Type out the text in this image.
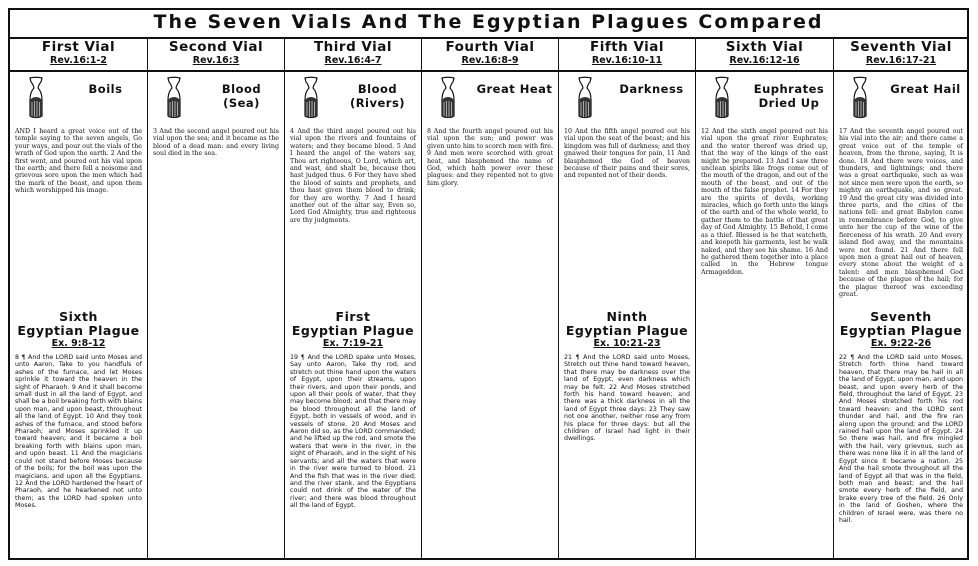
The Seven Vials And The Egyptian Plagues Compared
First Vial
Rev.16:1-2
Boils
AND I heard a great voice out of the temple saying to the seven angels, Go your ways, and pour out the vials of the wrath of God upon the earth. 2 And the first went, and poured out his vial upon the earth; and there fell a noisome and grievous sore upon the men which had the mark of the beast, and upon them which worshipped his image.
Sixth
Egyptian Plague
Ex. 9:8-12
8 ¶ And the LORD said unto Moses and unto Aaron, Take to you handfuls of ashes of the furnace, and let Moses sprinkle it toward the heaven in the sight of Pharaoh. 9 And it shall become small dust in all the land of Egypt, and shall be a boil breaking forth with blains upon man, and upon beast, throughout all the land of Egypt. 10 And they took ashes of the furnace, and stood before Pharaoh; and Moses sprinkled it up toward heaven; and it became a boil breaking forth with blains upon man, and upon beast. 11 And the magicians could not stand before Moses because of the boils; for the boil was upon the magicians, and upon all the Egyptians. 12 And the LORD hardened the heart of Pharaoh, and he hearkened not unto them; as the LORD had spoken unto Moses.
Second Vial
Rev.16:3
Blood
(Sea)
3 And the second angel poured out his vial upon the sea; and it became as the blood of a dead man: and every living soul died in the sea.
Third Vial
Rev.16:4-7
Blood
(Rivers)
4 And the third angel poured out his vial upon the rivers and fountains of waters; and they became blood. 5 And I heard the angel of the waters say, Thou art righteous, O Lord, which art, and wast, and shalt be, because thou hast judged thus. 6 For they have shed the blood of saints and prophets, and thou hast given them blood to drink; for they are worthy. 7 And I heard another out of the altar say, Even so, Lord God Almighty, true and righteous are thy judgments.
First
Egyptian Plague
Ex. 7:19-21
19 ¶ And the LORD spake unto Moses, Say unto Aaron, Take thy rod, and stretch out thine hand upon the waters of Egypt, upon their streams, upon their rivers, and upon their ponds, and upon all their pools of water, that they may become blood; and that there may be blood throughout all the land of Egypt, both in vessels of wood, and in vessels of stone. 20 And Moses and Aaron did so, as the LORD commanded; and he lifted up the rod, and smote the waters that were in the river, in the sight of Pharaoh, and in the sight of his servants; and all the waters that were in the river were turned to blood. 21 And the fish that was in the river died; and the river stank, and the Egyptians could not drink of the water of the river; and there was blood throughout all the land of Egypt.
Fourth Vial
Rev.16:8-9
Great Heat
8 And the fourth angel poured out his vial upon the sun; and power was given unto him to scorch men with fire. 9 And men were scorched with great heat, and blasphemed the name of God, which hath power over these plagues: and they repented not to give him glory.
Fifth Vial
Rev.16:10-11
Darkness
10 And the fifth angel poured out his vial upon the seat of the beast; and his kingdom was full of darkness; and they gnawed their tongues for pain, 11 And blasphemed the God of heaven because of their pains and their sores, and repented not of their deeds.
Ninth
Egyptian Plague
Ex. 10:21-23
21 ¶ And the LORD said unto Moses, Stretch out thine hand toward heaven, that there may be darkness over the land of Egypt, even darkness which may be felt. 22 And Moses stretched forth his hand toward heaven; and there was a thick darkness in all the land of Egypt three days: 23 They saw not one another, neither rose any from his place for three days: but all the children of Israel had light in their dwellings.
Sixth Vial
Rev.16:12-16
Euphrates Dried Up
12 And the sixth angel poured out his vial upon the great river Euphrates; and the water thereof was dried up, that the way of the kings of the east might be prepared. 13 And I saw three unclean spirits like frogs come out of the mouth of the dragon, and out of the mouth of the beast, and out of the mouth of the false prophet. 14 For they are the spirits of devils, working miracles, which go forth unto the kings of the earth and of the whole world, to gather them to the battle of that great day of God Almighty. 15 Behold, I come as a thief. Blessed is he that watcheth, and keepeth his garments, lest he walk naked, and they see his shame. 16 And he gathered them together into a place called in the Hebrew tongue Armageddon.
Seventh Vial
Rev.16:17-21
Great Hail
17 And the seventh angel poured out his vial into the air; and there came a great voice out of the temple of heaven, from the throne, saying, It is done. 18 And there were voices, and thunders, and lightnings; and there was a great earthquake, such as was not since men were upon the earth, so mighty an earthquake, and so great. 19 And the great city was divided into three parts, and the cities of the nations fell: and great Babylon came in remembrance before God, to give unto her the cup of the wine of the fierceness of his wrath. 20 And every island fled away, and the mountains were not found. 21 And there fell upon men a great hail out of heaven, every stone about the weight of a talent: and men blasphemed God because of the plague of the hail; for the plague thereof was exceeding great.
Seventh
Egyptian Plague
Ex. 9:22-26
22 ¶ And the LORD said unto Moses, Stretch forth thine hand toward heaven, that there may be hail in all the land of Egypt, upon man, and upon beast, and upon every herb of the field, throughout the land of Egypt. 23 And Moses stretched forth his rod toward heaven: and the LORD sent thunder and hail, and the fire ran along upon the ground; and the LORD rained hail upon the land of Egypt. 24 So there was hail, and fire mingled with the hail, very grievous, such as there was none like it in all the land of Egypt since it became a nation. 25 And the hail smote throughout all the land of Egypt all that was in the field, both man and beast; and the hail smote every herb of the field, and brake every tree of the field. 26 Only in the land of Goshen, where the children of Israel were, was there no hail.
